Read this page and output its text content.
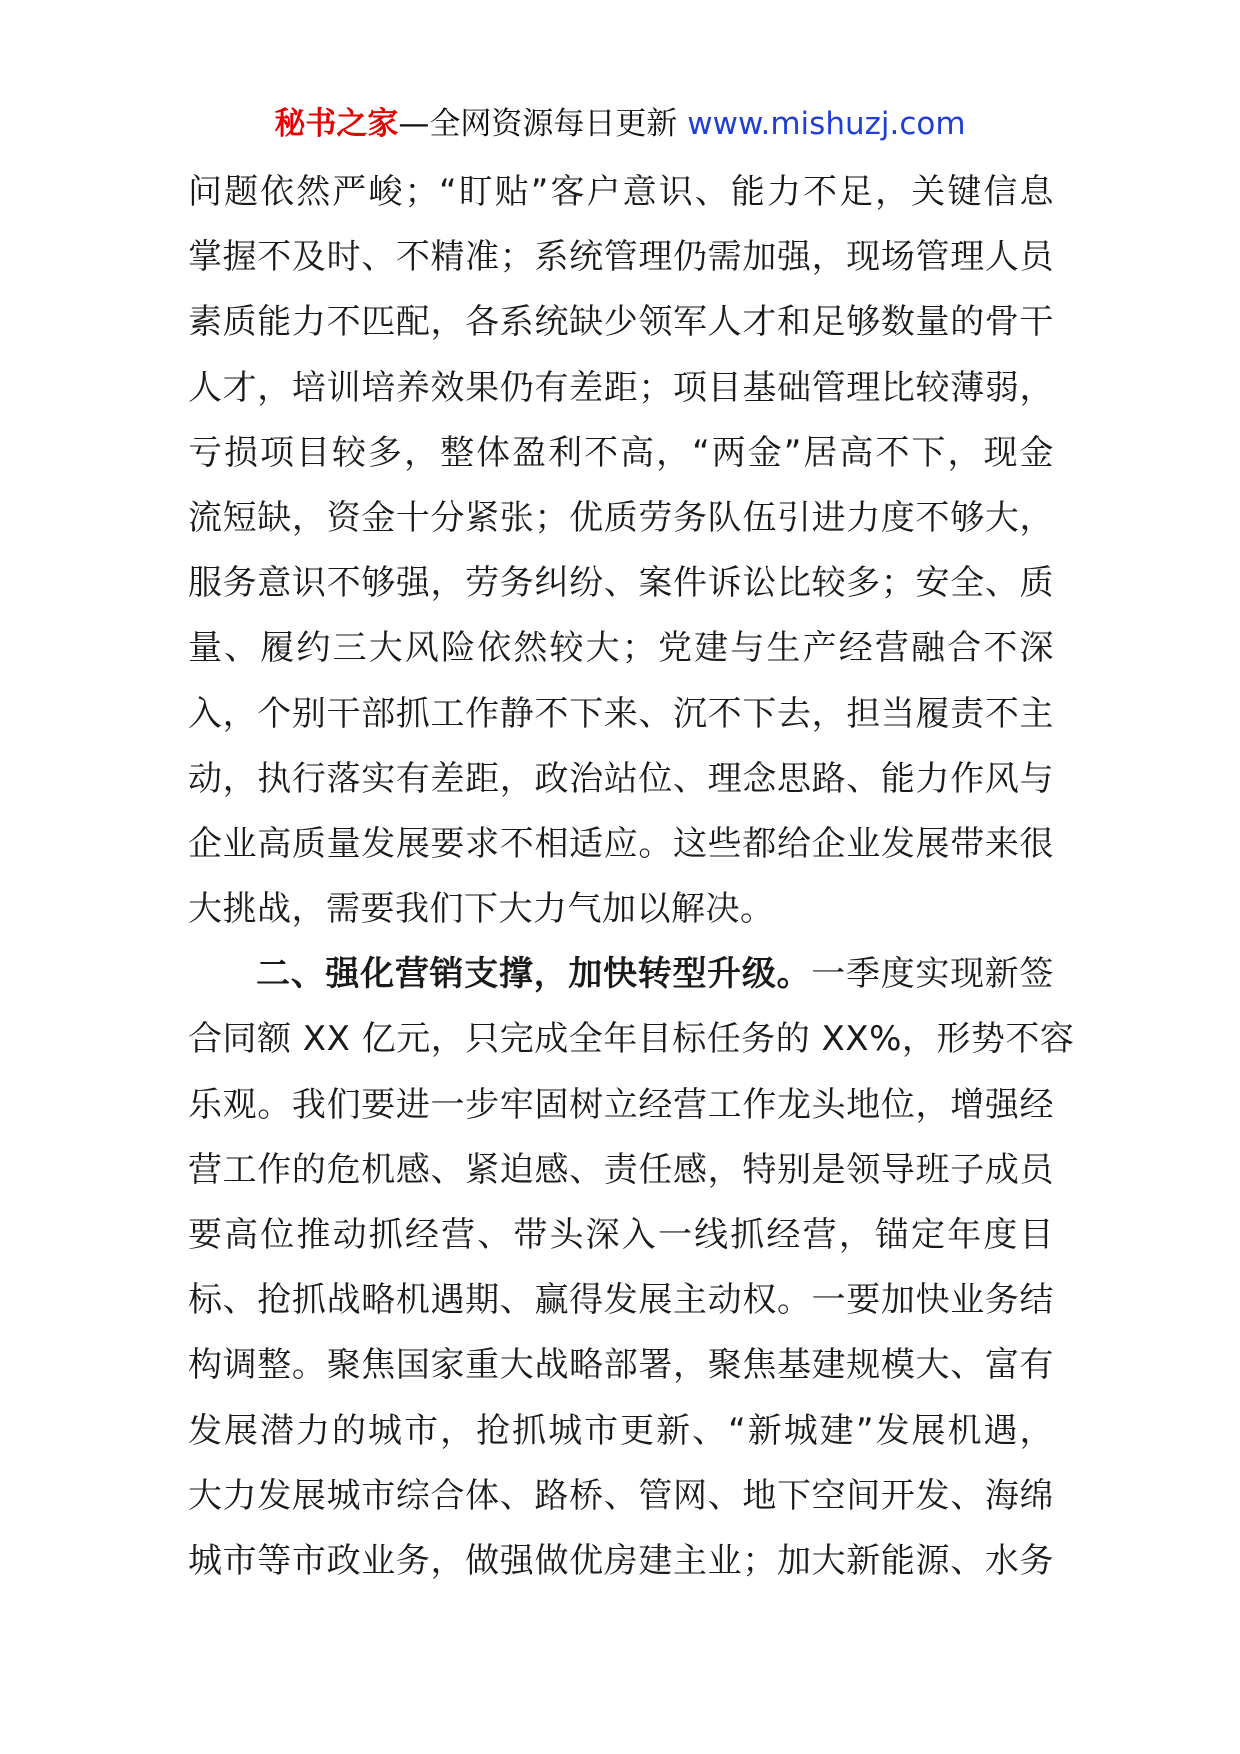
秘书之家—全网资源每日更新 www.mishuzj.com
问题依然严峻；“盯贴”客户意识、能力不足，关键信息
掌握不及时、不精准；系统管理仍需加强，现场管理人员
素质能力不匹配，各系统缺少领军人才和足够数量的骨干
人才，培训培养效果仍有差距；项目基础管理比较薄弱，
亏损项目较多，整体盈利不高，“两金”居高不下，现金
流短缺，资金十分紧张；优质劳务队伍引进力度不够大，
服务意识不够强，劳务纠纷、案件诉讼比较多；安全、质
量、履约三大风险依然较大；党建与生产经营融合不深
入，个别干部抓工作静不下来、沉不下去，担当履责不主
动，执行落实有差距，政治站位、理念思路、能力作风与
企业高质量发展要求不相适应。这些都给企业发展带来很
大挑战，需要我们下大力气加以解决。
二、强化营销支撑，加快转型升级。一季度实现新签
合同额 XX 亿元，只完成全年目标任务的 XX%，形势不容
乐观。我们要进一步牢固树立经营工作龙头地位，增强经
营工作的危机感、紧迫感、责任感，特别是领导班子成员
要高位推动抓经营、带头深入一线抓经营，锚定年度目
标、抢抓战略机遇期、赢得发展主动权。一要加快业务结
构调整。聚焦国家重大战略部署，聚焦基建规模大、富有
发展潜力的城市，抢抓城市更新、“新城建”发展机遇，
大力发展城市综合体、路桥、管网、地下空间开发、海绵
城市等市政业务，做强做优房建主业；加大新能源、水务
